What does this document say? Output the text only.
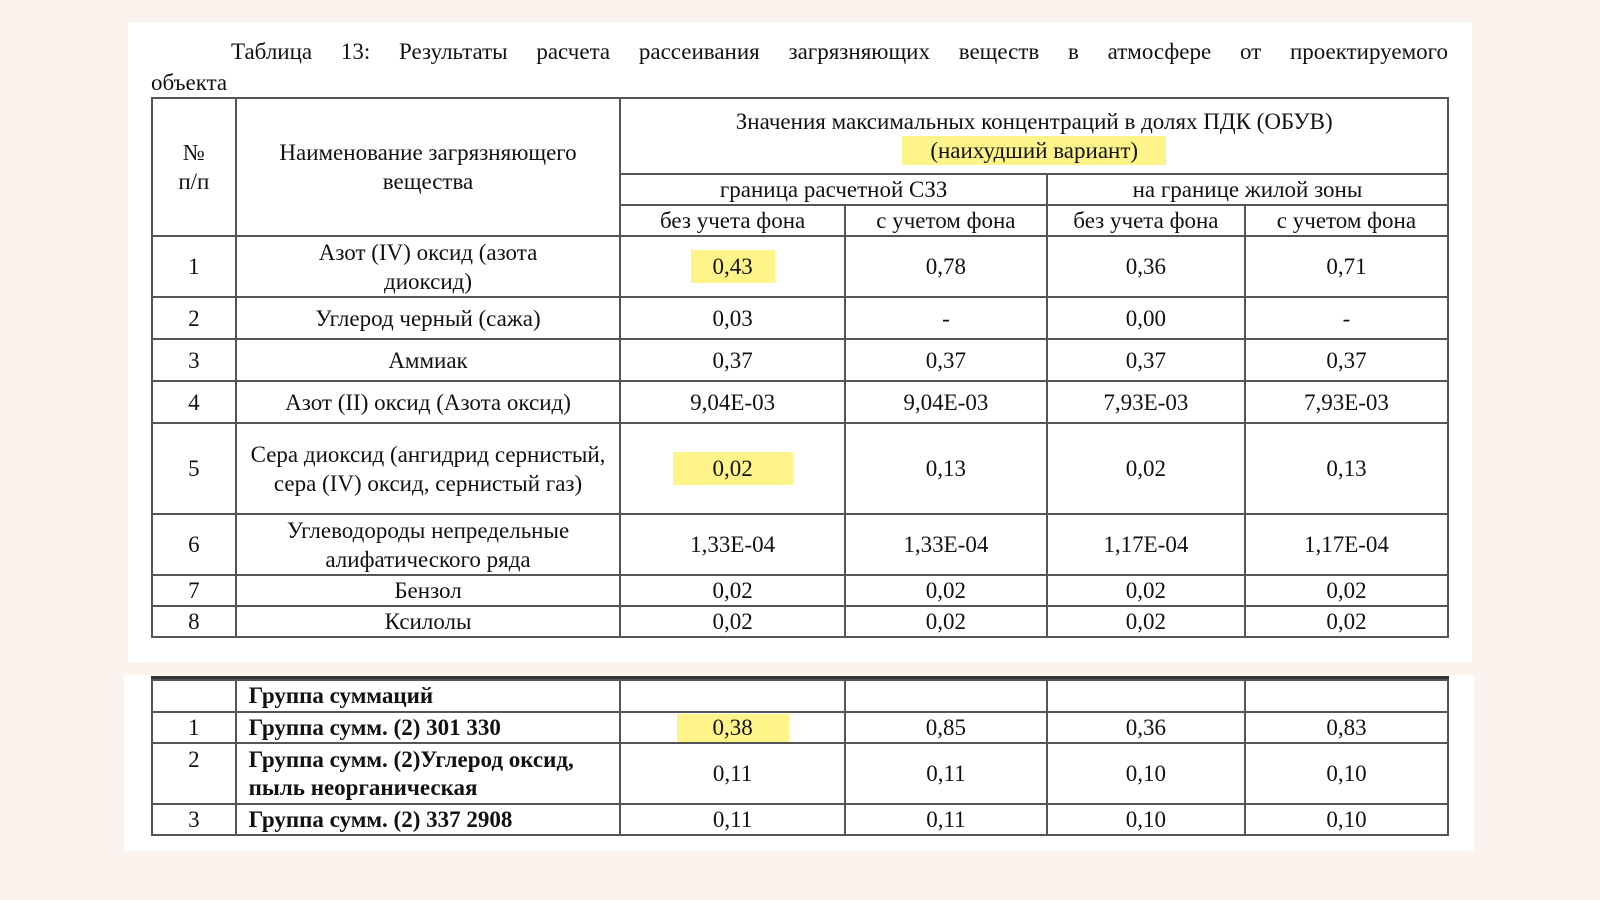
Таблица 13: Результаты расчета рассеивания загрязняющих веществ в атмосфере от проектируемого
объекта
№ п/п	Наименование загрязняющего вещества	Значения максимальных концентраций в долях ПДК (ОБУВ)
(наихудший вариант)			

		граница расчетной СЗЗ		на границе жилой зоны	
		без учета фона	с учетом фона	без учета фона	с учетом фона
1	Азот (IV) оксид (азота диоксид)	0,43	0,78	0,36	0,71
2	Углерод черный (сажа)	0,03	-	0,00	-
3	Аммиак	0,37	0,37	0,37	0,37
4	Азот (II) оксид (Азота оксид)	9,04E-03	9,04E-03	7,93E-03	7,93E-03
5	Сера диоксид (ангидрид сернистый, сера (IV) оксид, сернистый газ)	0,02	0,13	0,02	0,13
6	Углеводороды непредельные алифатического ряда	1,33E-04	1,33E-04	1,17E-04	1,17E-04
7	Бензол	0,02	0,02	0,02	0,02
8	Ксилолы	0,02	0,02	0,02	0,02
	Группа суммаций				
1	Группа сумм. (2) 301 330	0,38	0,85	0,36	0,83
2	Группа сумм. (2)Углерод оксид, пыль неорганическая	0,11	0,11	0,10	0,10
3	Группа сумм. (2) 337 2908	0,11	0,11	0,10	0,10
